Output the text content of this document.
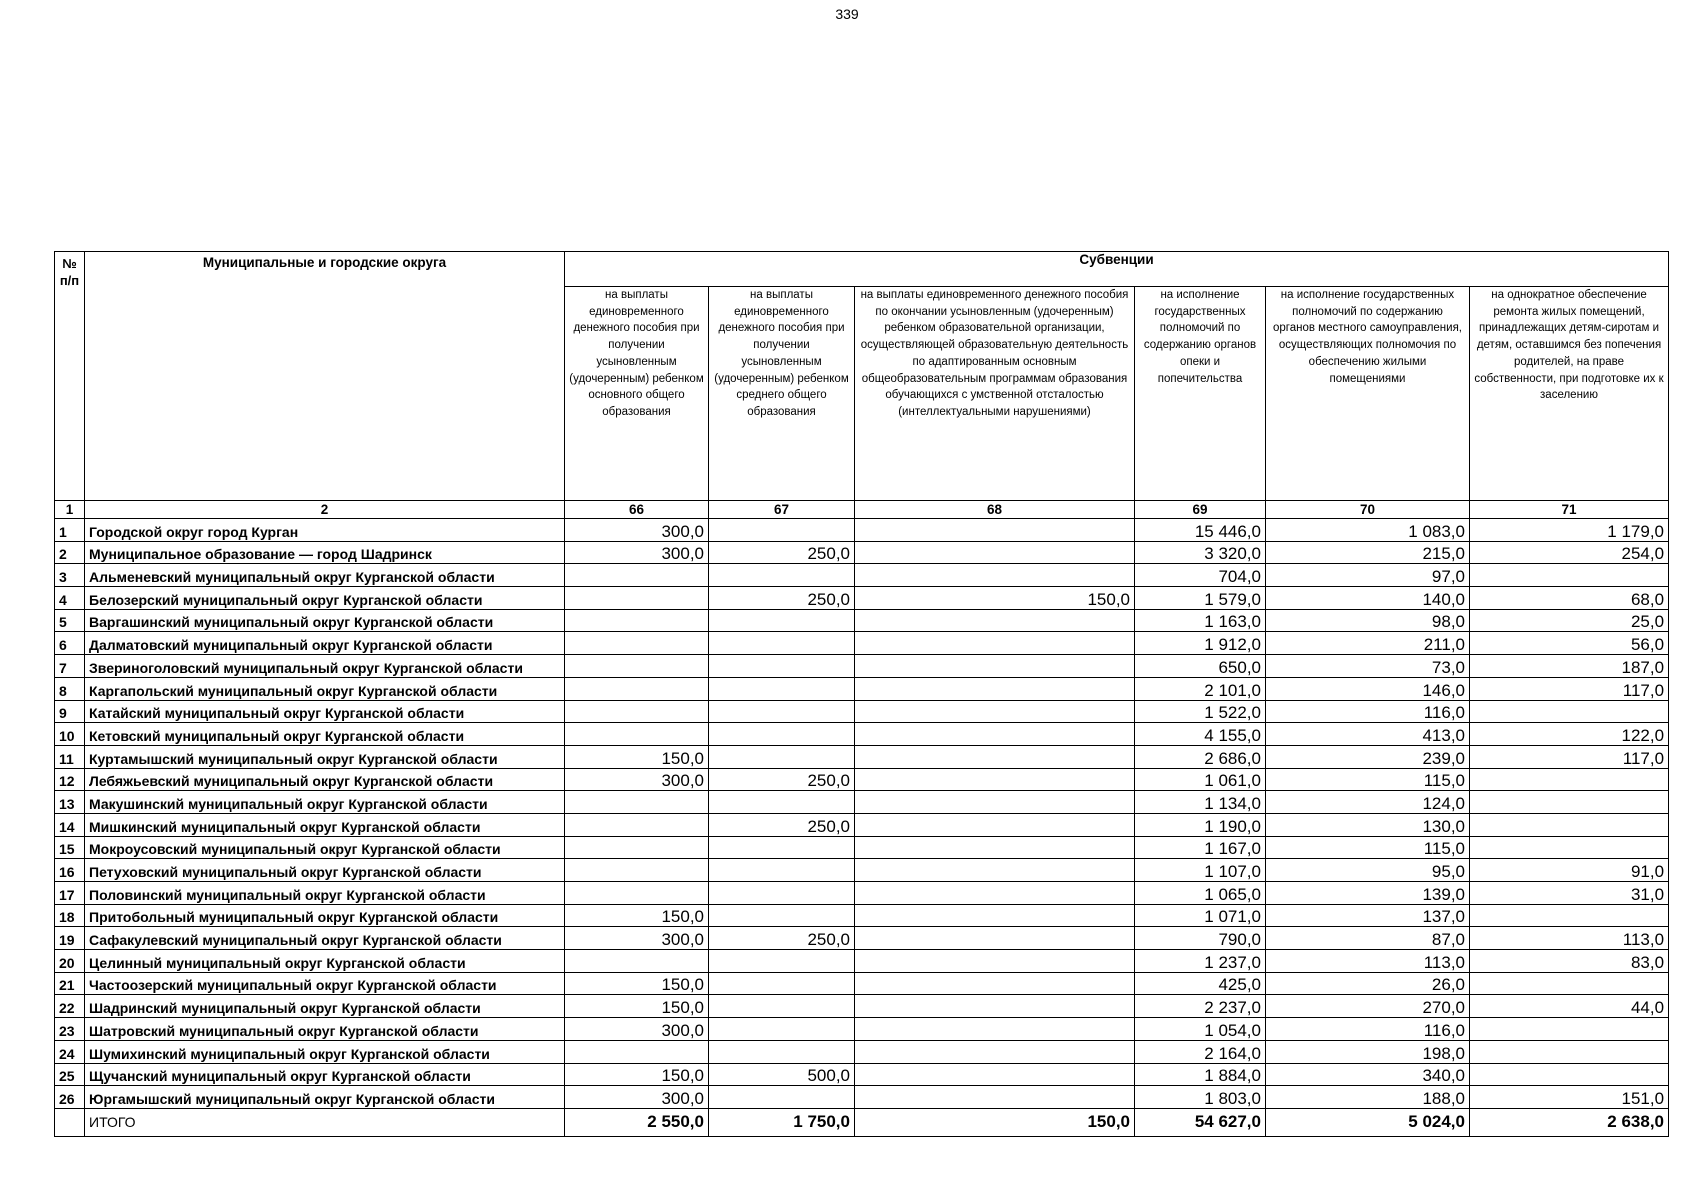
339
№ п/п	Муниципальные и городские округа	Субвенции					
		на выплаты единовременного денежного пособия при получении усыновленным (удочеренным) ребенком основного общего образования	на выплаты единовременного денежного пособия при получении усыновленным (удочеренным) ребенком среднего общего образования	на выплаты единовременного денежного пособия по окончании усыновленным (удочеренным) ребенком образовательной организации, осуществляющей образовательную деятельность по адаптированным основным общеобразовательным программам образования обучающихся с умственной отсталостью (интеллектуальными нарушениями)	на исполнение государственных полномочий по содержанию органов опеки и попечительства	на исполнение государственных полномочий по содержанию органов местного самоуправления, осуществляющих полномочия по обеспечению жилыми помещениями	на однократное обеспечение ремонта жилых помещений, принадлежащих детям-сиротам и детям, оставшимся без попечения родителей, на праве собственности, при подготовке их к заселению
1	2	66	67	68	69	70	71
1	Городской округ город Курган	300,0			15 446,0	1 083,0	1 179,0
2	Муниципальное образование — город Шадринск	300,0	250,0		3 320,0	215,0	254,0
3	Альменевский муниципальный округ Курганской области				704,0	97,0	
4	Белозерский муниципальный округ Курганской области		250,0	150,0	1 579,0	140,0	68,0
5	Варгашинский муниципальный округ Курганской области				1 163,0	98,0	25,0
6	Далматовский муниципальный округ Курганской области				1 912,0	211,0	56,0
7	Звериноголовский муниципальный округ Курганской области				650,0	73,0	187,0
8	Каргапольский муниципальный округ Курганской области				2 101,0	146,0	117,0
9	Катайский муниципальный округ Курганской области				1 522,0	116,0	
10	Кетовский муниципальный округ Курганской области				4 155,0	413,0	122,0
11	Куртамышский муниципальный округ Курганской области	150,0			2 686,0	239,0	117,0
12	Лебяжьевский муниципальный округ Курганской области	300,0	250,0		1 061,0	115,0	
13	Макушинский муниципальный округ Курганской области				1 134,0	124,0	
14	Мишкинский муниципальный округ Курганской области		250,0		1 190,0	130,0	
15	Мокроусовский муниципальный округ Курганской области				1 167,0	115,0	
16	Петуховский муниципальный округ Курганской области				1 107,0	95,0	91,0
17	Половинский муниципальный округ Курганской области				1 065,0	139,0	31,0
18	Притобольный муниципальный округ Курганской области	150,0			1 071,0	137,0	
19	Сафакулевский муниципальный округ Курганской области	300,0	250,0		790,0	87,0	113,0
20	Целинный муниципальный округ Курганской области				1 237,0	113,0	83,0
21	Частоозерский муниципальный округ Курганской области	150,0			425,0	26,0	
22	Шадринский муниципальный округ Курганской области	150,0			2 237,0	270,0	44,0
23	Шатровский муниципальный округ Курганской области	300,0			1 054,0	116,0	
24	Шумихинский муниципальный округ Курганской области				2 164,0	198,0	
25	Щучанский муниципальный округ Курганской области	150,0	500,0		1 884,0	340,0	
26	Юргамышский муниципальный округ Курганской области	300,0			1 803,0	188,0	151,0
	ИТОГО	2 550,0	1 750,0	150,0	54 627,0	5 024,0	2 638,0
